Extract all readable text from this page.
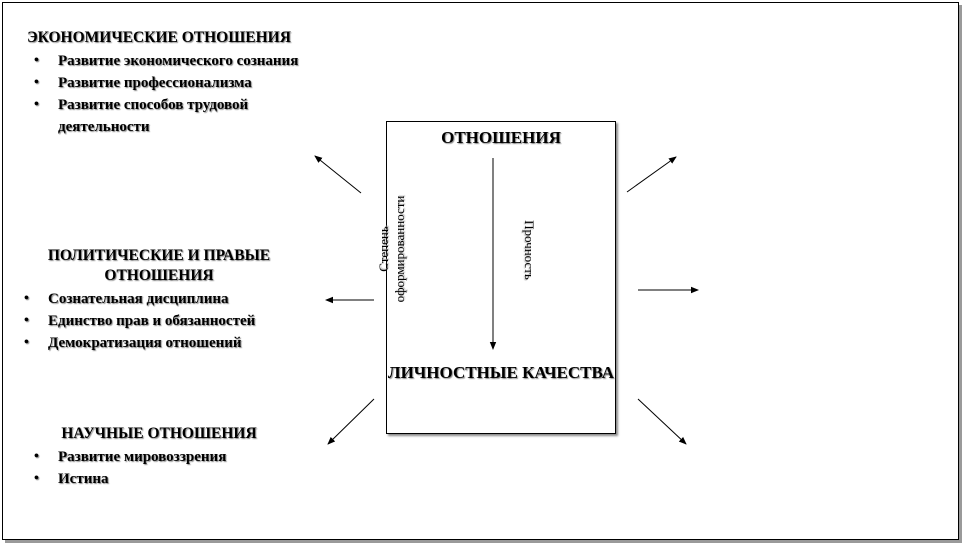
ЭКОНОМИЧЕСКИЕ ОТНОШЕНИЯ
• Развитие экономического сознания
• Развитие профессионализма
• Развитие способов трудовой деятельности
ПОЛИТИЧЕСКИЕ И ПРАВЫЕ ОТНОШЕНИЯ
• Сознательная дисциплина
• Единство прав и обязанностей
• Демократизация отношений
НАУЧНЫЕ ОТНОШЕНИЯ
• Развитие мировоззрения
• Истина
ОТНОШЕНИЯ
ЛИЧНОСТНЫЕ КАЧЕСТВА
Степень
оформированности	Прочность
